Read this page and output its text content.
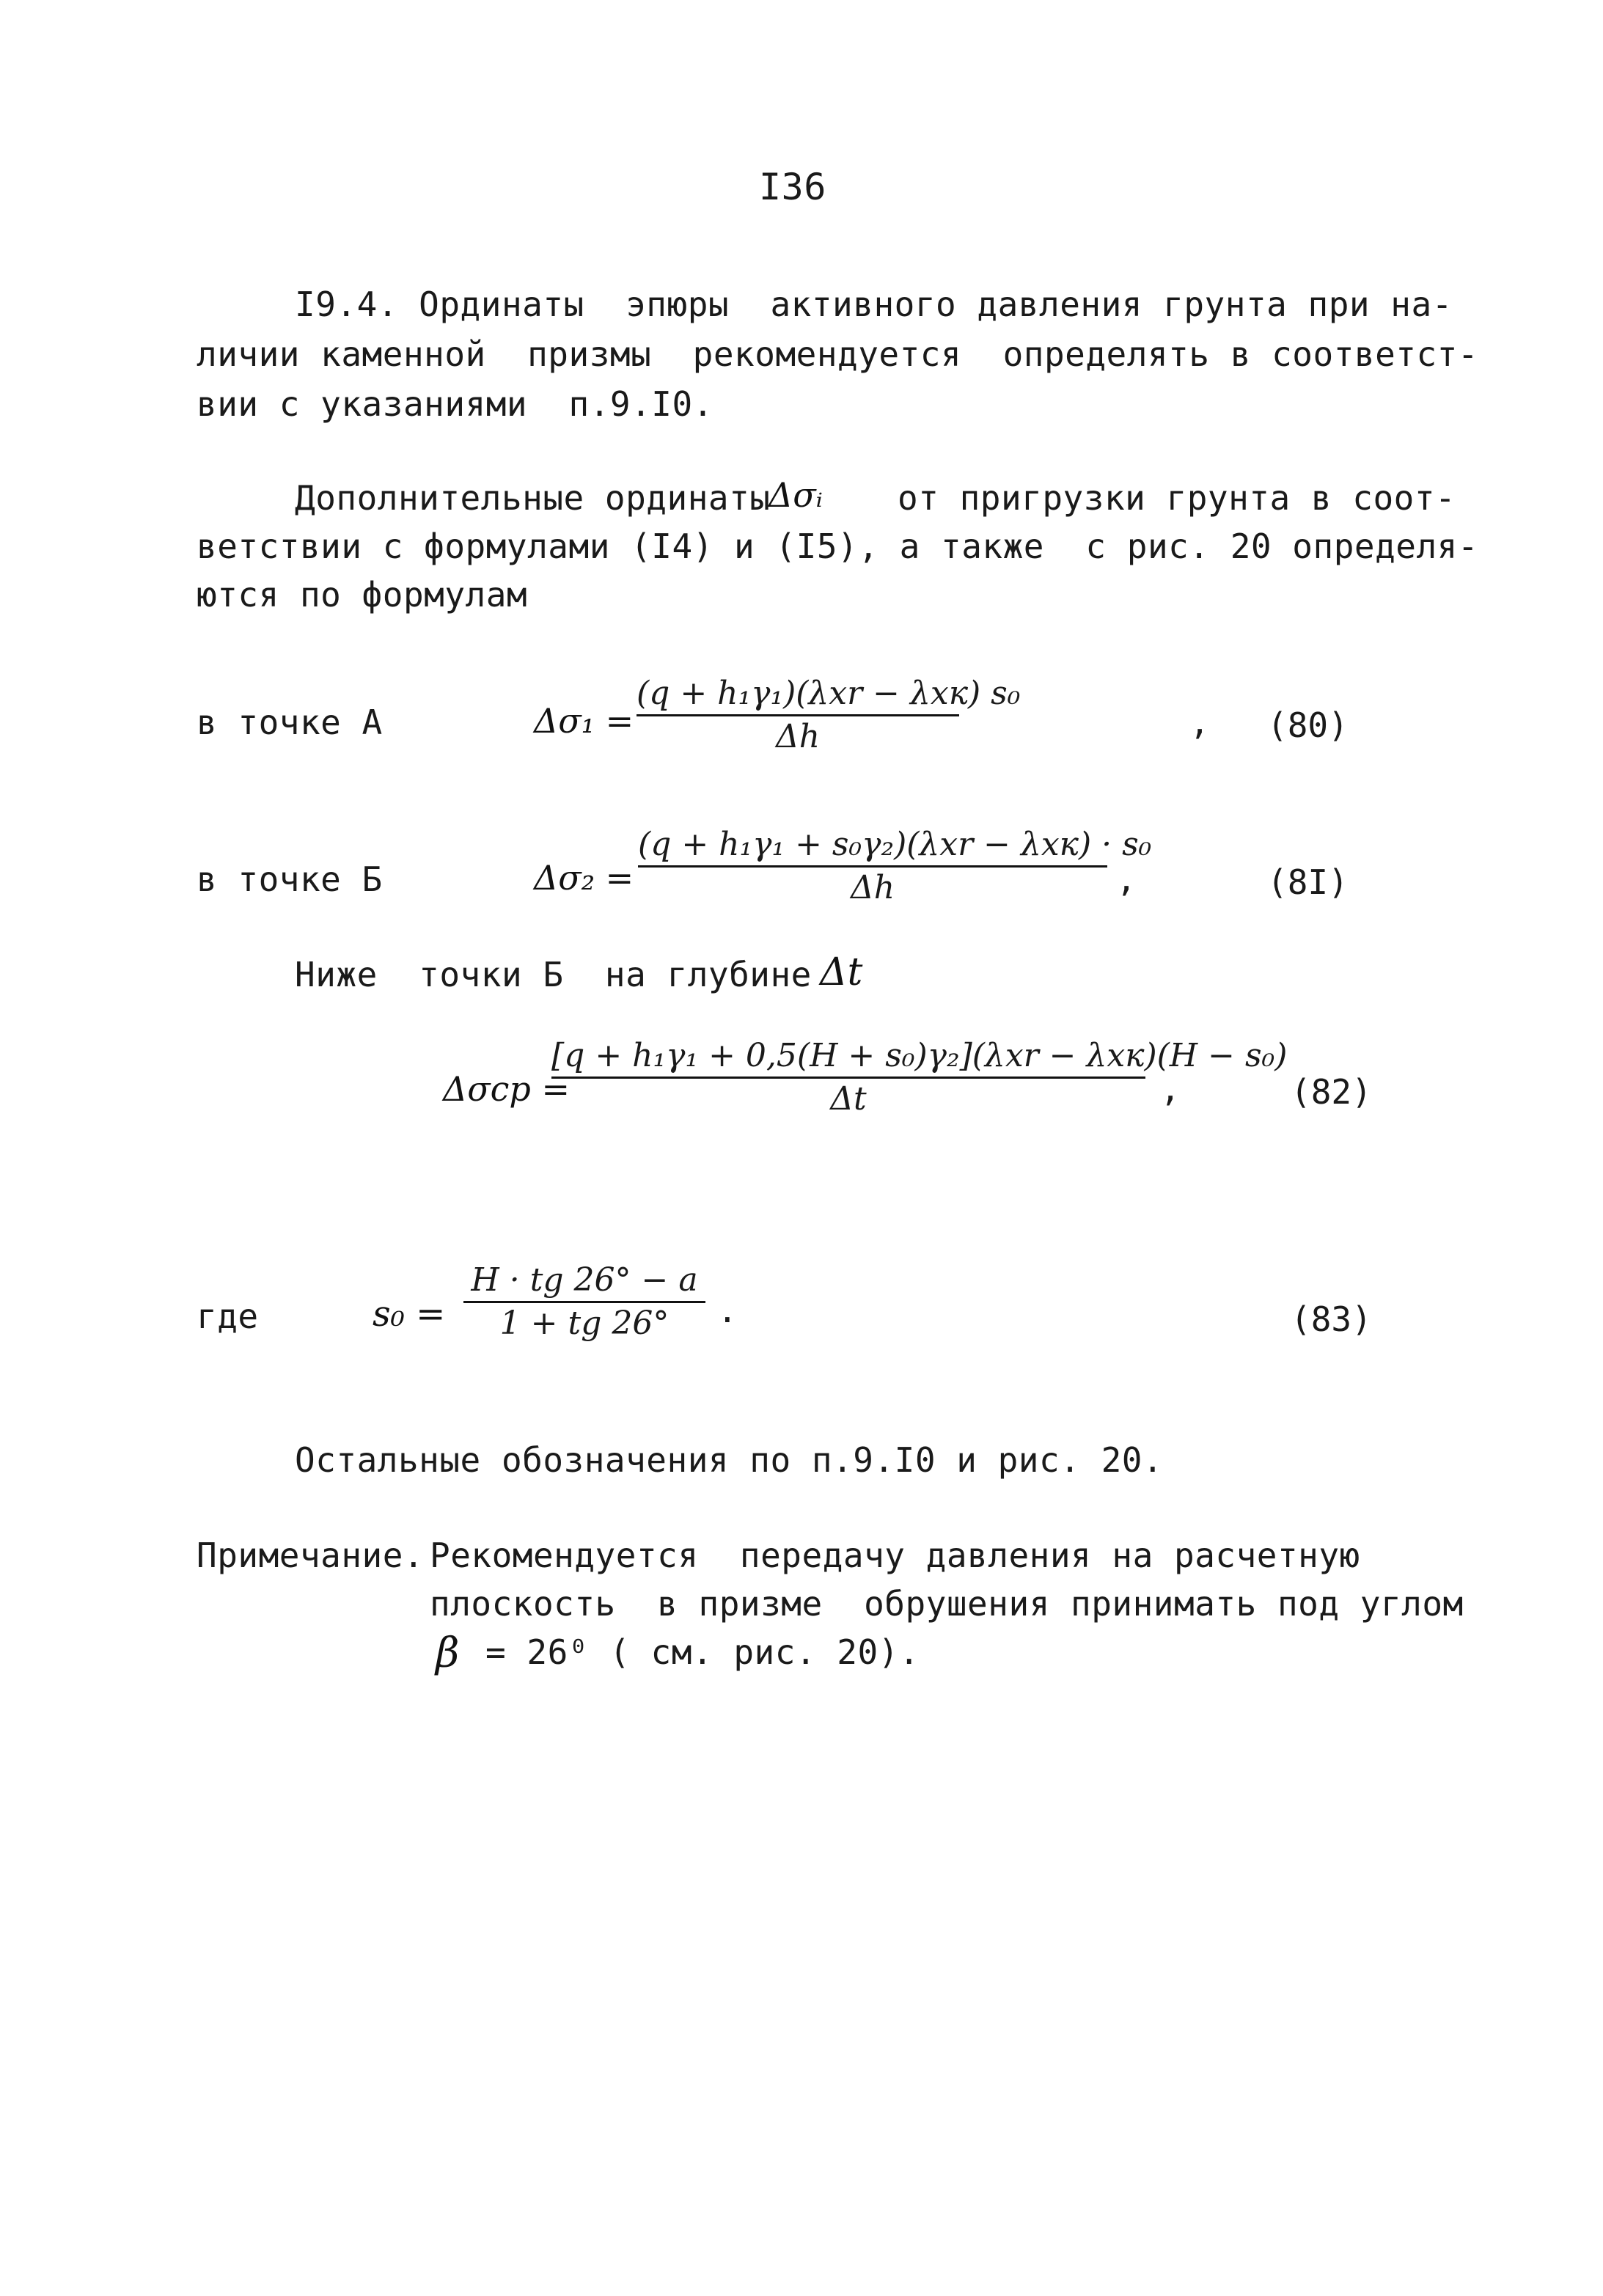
I36
I9.4. Ординаты  эпюры  активного давления грунта при на-
личии каменной  призмы  рекомендуется  определять в соответст-
вии с указаниями  п.9.I0.
Дополнительные ординаты
Δσᵢ от пригрузки грунта в соот-
ветствии с формулами (I4) и (I5), а также  с рис. 20 определя-
ются по формулам
в точке А	Δσ₁ =
(q + h₁γ₁)(λxr − λxк) s₀
Δh	, (80)
в точке Б	Δσ₂ =
(q + h₁γ₁ + s₀γ₂)(λxr − λxк) · s₀
Δh	,	(8I)
Ниже  точки Б  на глубине Δt
Δσcp =
[q + h₁γ₁ + 0,5(H + s₀)γ₂](λxr − λxк)(H − s₀)
Δt	,	(82)
где	s₀ =
H · tg 26° − a
1 + tg 26°	.	(83)
Остальные обозначения по п.9.I0 и рис. 20.
Примечание. Рекомендуется  передачу давления на расчетную
плоскость  в призме  обрушения принимать под углом
β = 26⁰ ( см. рис. 20).
